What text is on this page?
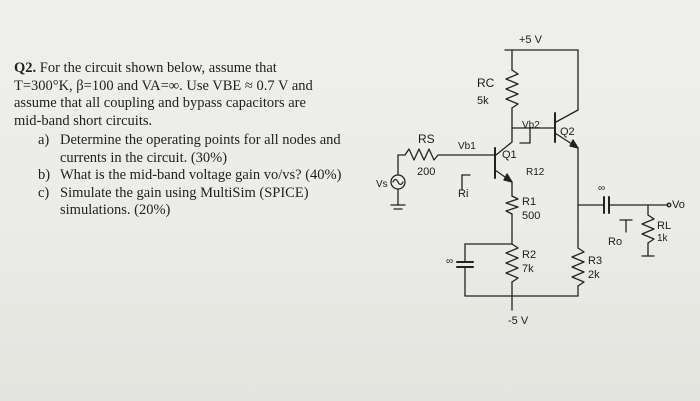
Q2. For the circuit shown below, assume that
T=300°K, β=100 and VA=∞. Use VBE ≈ 0.7 V and
assume that all coupling and bypass capacitors are
mid-band short circuits.
a) Determine the operating points for all nodes and currents in the circuit. (30%)
b) What is the mid-band voltage gain vo/vs? (40%)
c) Simulate the gain using MultiSim (SPICE) simulations. (20%)
+5 V
RC
5k
Vb2
Q2
RS
200
Vb1
Q1
R12
Vs
Ri
R1
500
R2
7k
R3
2k
-5 V
∞
∞
Vo
RL
1k
Ro
